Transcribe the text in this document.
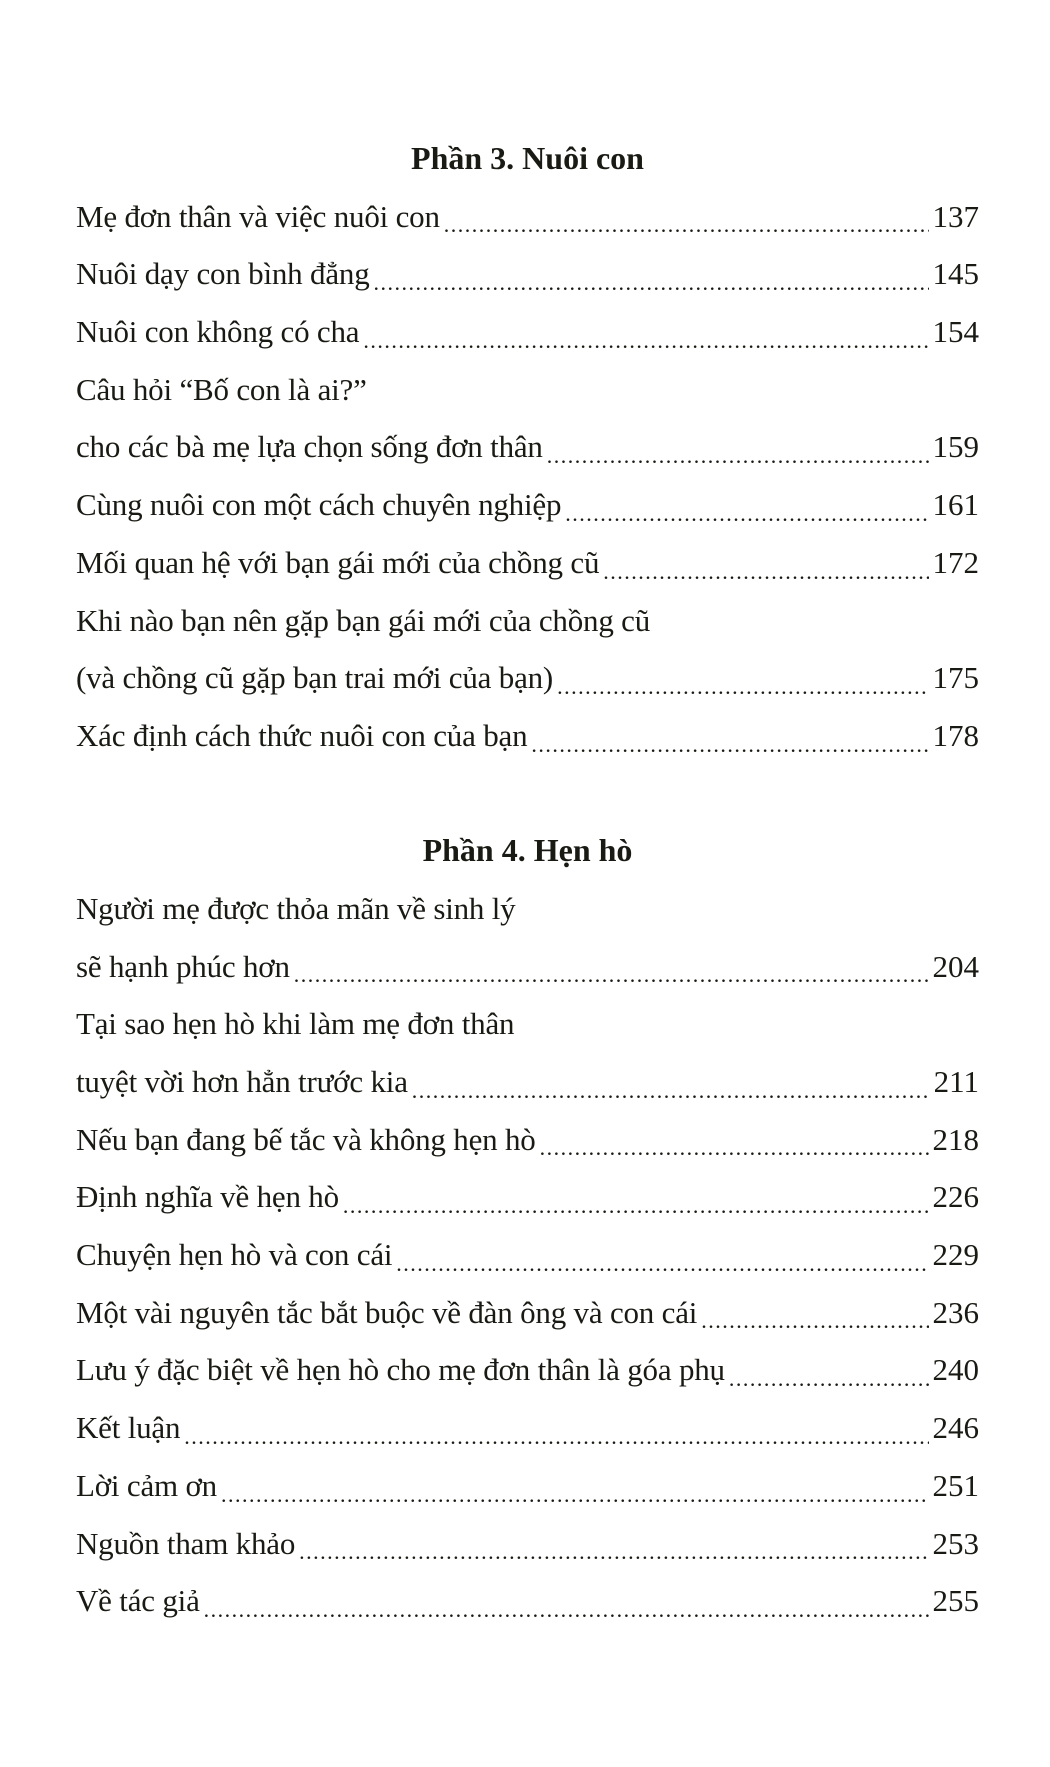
Phần 3. Nuôi con
Mẹ đơn thân và việc nuôi con .....	137
Nuôi dạy con bình đẳng .....	145
Nuôi con không có cha .....	154
Câu hỏi “Bố con là ai?”
cho các bà mẹ lựa chọn sống đơn thân .....	159
Cùng nuôi con một cách chuyên nghiệp .....	161
Mối quan hệ với bạn gái mới của chồng cũ .....	172
Khi nào bạn nên gặp bạn gái mới của chồng cũ
(và chồng cũ gặp bạn trai mới của bạn) .....	175
Xác định cách thức nuôi con của bạn .....	178
Phần 4. Hẹn hò
Người mẹ được thỏa mãn về sinh lý
sẽ hạnh phúc hơn .....	204
Tại sao hẹn hò khi làm mẹ đơn thân
tuyệt vời hơn hẳn trước kia .....	211
Nếu bạn đang bế tắc và không hẹn hò .....	218
Định nghĩa về hẹn hò .....	226
Chuyện hẹn hò và con cái .....	229
Một vài nguyên tắc bắt buộc về đàn ông và con cái .....	236
Lưu ý đặc biệt về hẹn hò cho mẹ đơn thân là góa phụ .....	240
Kết luận .....	246
Lời cảm ơn .....	251
Nguồn tham khảo .....	253
Về tác giả .....	255
